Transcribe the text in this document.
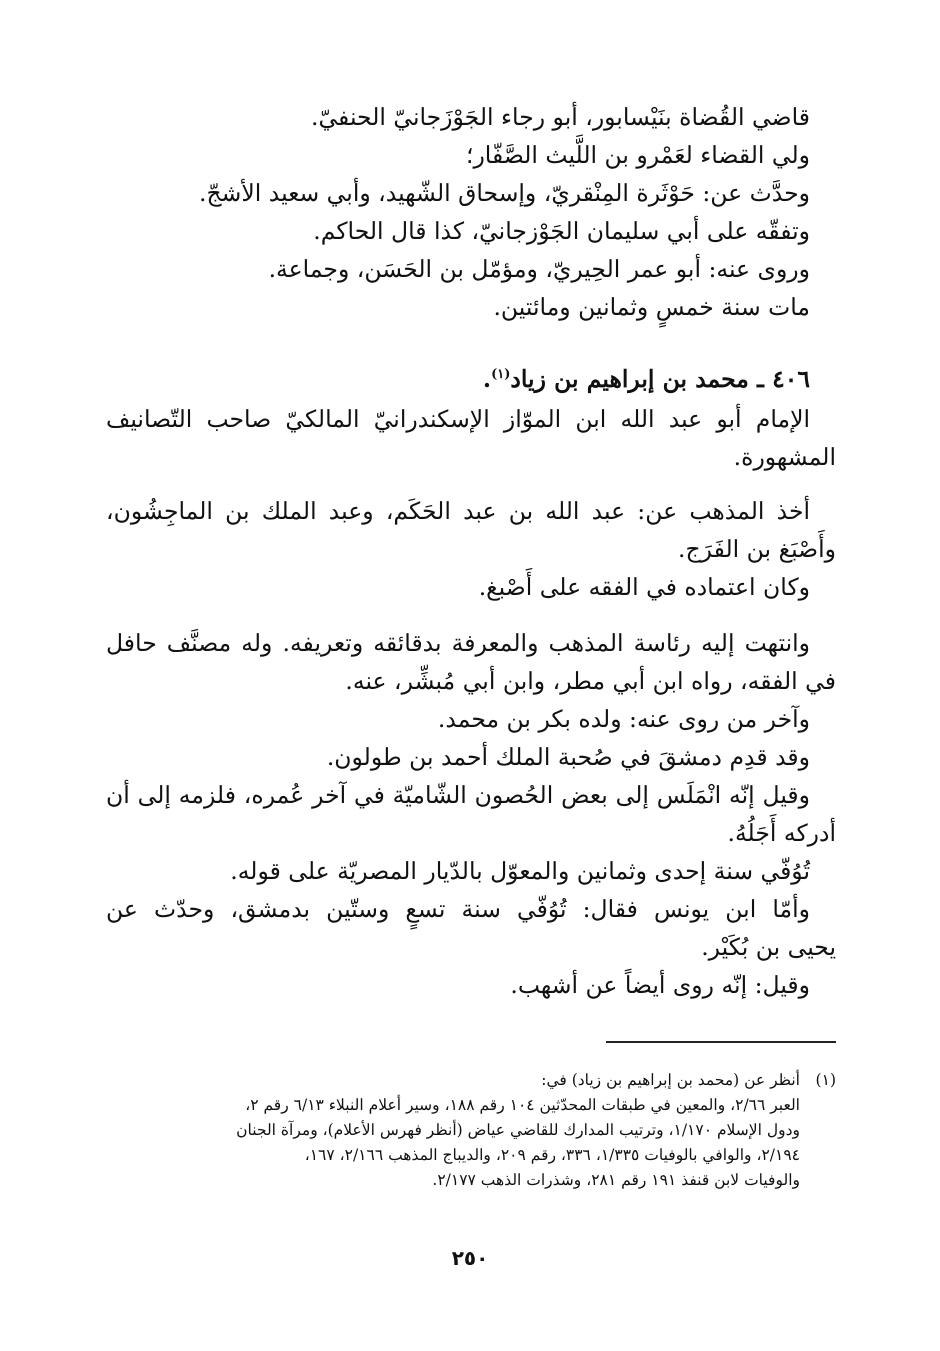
قاضي القُضاة بنَيْسابور، أبو رجاء الجَوْزَجانيّ الحنفيّ.
ولي القضاء لعَمْرو بن اللَّيث الصَّفّار؛
وحدَّث عن: حَوْثَرة المِنْقريّ، وإسحاق الشّهيد، وأبي سعيد الأشجّ.
وتفقّه على أبي سليمان الجَوْزجانيّ، كذا قال الحاكم.
وروى عنه: أبو عمر الحِيريّ، ومؤمّل بن الحَسَن، وجماعة.
مات سنة خمسٍ وثمانين ومائتين.
٤٠٦ ـ محمد بن إبراهيم بن زياد$^{(١)}$.
الإمام أبو عبد الله ابن الموّاز الإسكندرانيّ المالكيّ صاحب التّصانيف
المشهورة.
أخذ المذهب عن: عبد الله بن عبد الحَكَم، وعبد الملك بن الماجِشُون،
وأَصْبَغ بن الفَرَج.
وكان اعتماده في الفقه على أَصْبغ.
وانتهت إليه رئاسة المذهب والمعرفة بدقائقه وتعريفه. وله مصنَّف حافل
في الفقه، رواه ابن أبي مطر، وابن أبي مُبشِّر، عنه.
وآخر من روى عنه: ولده بكر بن محمد.
وقد قدِم دمشقَ في صُحبة الملك أحمد بن طولون.
وقيل إنّه انْمَلَس إلى بعض الحُصون الشّاميّة في آخر عُمره، فلزمه إلى أن
أدركه أَجَلُهُ.
تُوُفّي سنة إحدى وثمانين والمعوّل بالدّيار المصريّة على قوله.
وأمّا ابن يونس فقال: تُوُفّي سنة تسعٍ وستّين بدمشق، وحدّث عن
يحيى بن بُكَيْر.
وقيل: إنّه روى أيضاً عن أشهب.
(١)أنظر عن (محمد بن إبراهيم بن زياد) في:
العبر ٢/٦٦، والمعين في طبقات المحدّثين ١٠٤ رقم ١٨٨، وسير أعلام النبلاء ٦/١٣ رقم ٢،
ودول الإسلام ١/١٧٠، وترتيب المدارك للقاضي عياض (أنظر فهرس الأعلام)، ومرآة الجنان
٢/١٩٤، والوافي بالوفيات ١/٣٣٥، ٣٣٦، رقم ٢٠٩، والديباج المذهب ٢/١٦٦، ١٦٧،
والوفيات لابن قنفذ ١٩١ رقم ٢٨١، وشذرات الذهب ٢/١٧٧.
٢٥٠
